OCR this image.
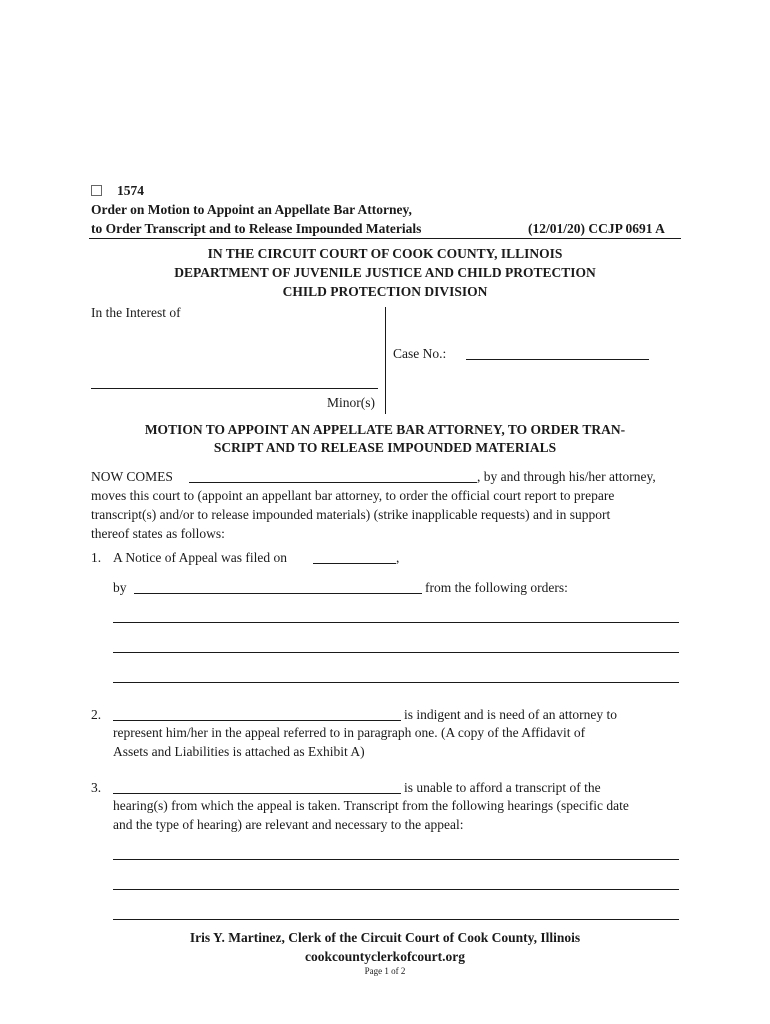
1574
Order on Motion to Appoint an Appellate Bar Attorney,
to Order Transcript and to Release Impounded Materials	(12/01/20) CCJP 0691 A
IN THE CIRCUIT COURT OF COOK COUNTY, ILLINOIS
DEPARTMENT OF JUVENILE JUSTICE AND CHILD PROTECTION
CHILD PROTECTION DIVISION
In the Interest of
Case No.:
Minor(s)
MOTION TO APPOINT AN APPELLATE BAR ATTORNEY, TO ORDER TRAN-
SCRIPT AND TO RELEASE IMPOUNDED MATERIALS
NOW COMES	, by and through his/her attorney,
moves this court to (appoint an appellant bar attorney, to order the official court report to prepare
transcript(s) and/or to release impounded materials) (strike inapplicable requests) and in support
thereof states as follows:
1. A Notice of Appeal was filed on	,
by	from the following orders:
2.	is indigent and is need of an attorney to
represent him/her in the appeal referred to in paragraph one. (A copy of the Affidavit of
Assets and Liabilities is attached as Exhibit A)
3.	is unable to afford a transcript of the
hearing(s) from which the appeal is taken. Transcript from the following hearings (specific date
and the type of hearing) are relevant and necessary to the appeal:
Iris Y. Martinez, Clerk of the Circuit Court of Cook County, Illinois
cookcountyclerkofcourt.org
Page 1 of 2
